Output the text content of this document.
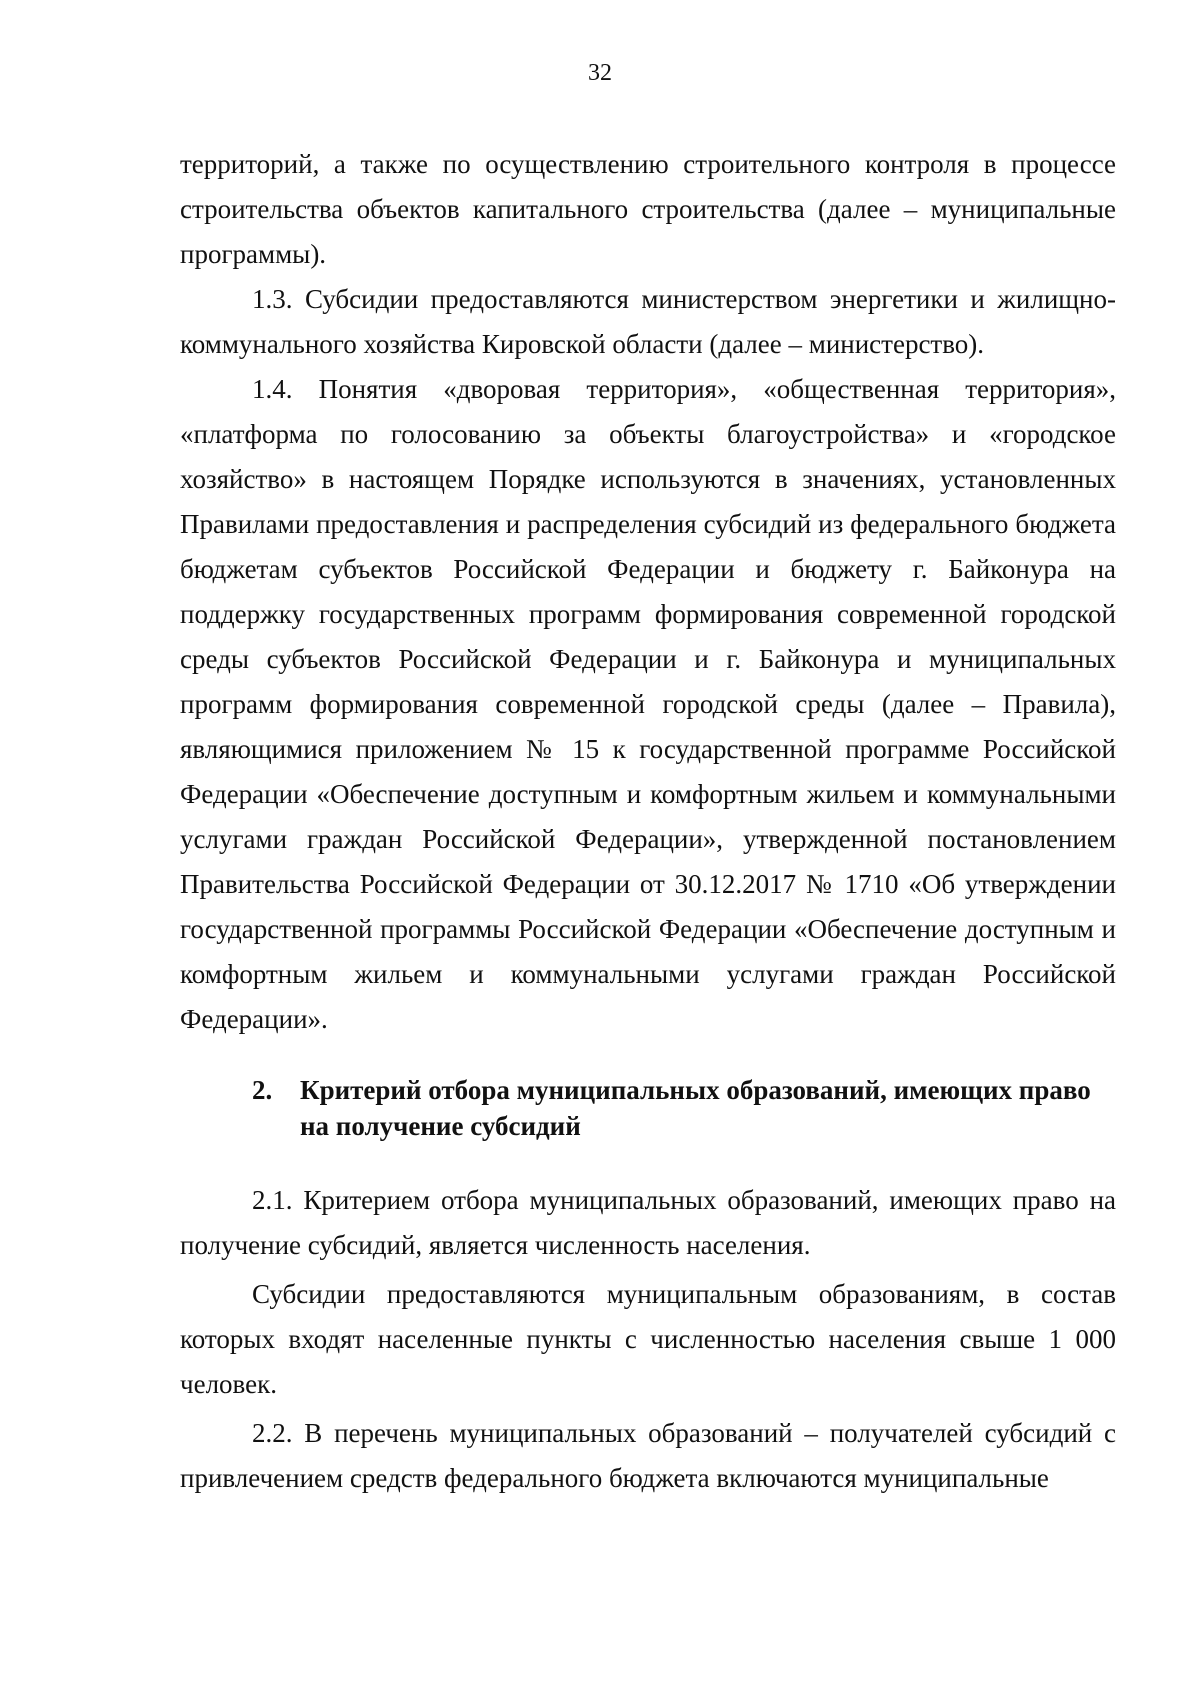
32

территорий, а также по осуществлению строительного контроля в процессе строительства объектов капитального строительства (далее – муниципальные программы).

1.3. Субсидии предоставляются министерством энергетики и жилищно-коммунального хозяйства Кировской области (далее – министерство).

1.4. Понятия «дворовая территория», «общественная территория», «платформа по голосованию за объекты благоустройства» и «городское хозяйство» в настоящем Порядке используются в значениях, установленных Правилами предоставления и распределения субсидий из федерального бюджета бюджетам субъектов Российской Федерации и бюджету г. Байконура на поддержку государственных программ формирования современной городской среды субъектов Российской Федерации и г. Байконура и муниципальных программ формирования современной городской среды (далее – Правила), являющимися приложением № 15 к государственной программе Российской Федерации «Обеспечение доступным и комфортным жильем и коммунальными услугами граждан Российской Федерации», утвержденной постановлением Правительства Российской Федерации от 30.12.2017 № 1710 «Об утверждении государственной программы Российской Федерации «Обеспечение доступным и комфортным жильем и коммунальными услугами граждан Российской Федерации».

2.	Критерий отбора муниципальных образований, имеющих право на получение субсидий

2.1. Критерием отбора муниципальных образований, имеющих право на получение субсидий, является численность населения.

Субсидии предоставляются муниципальным образованиям, в состав которых входят населенные пункты с численностью населения свыше 1 000 человек.

2.2. В перечень муниципальных образований – получателей субсидий с привлечением средств федерального бюджета включаются муниципальные
